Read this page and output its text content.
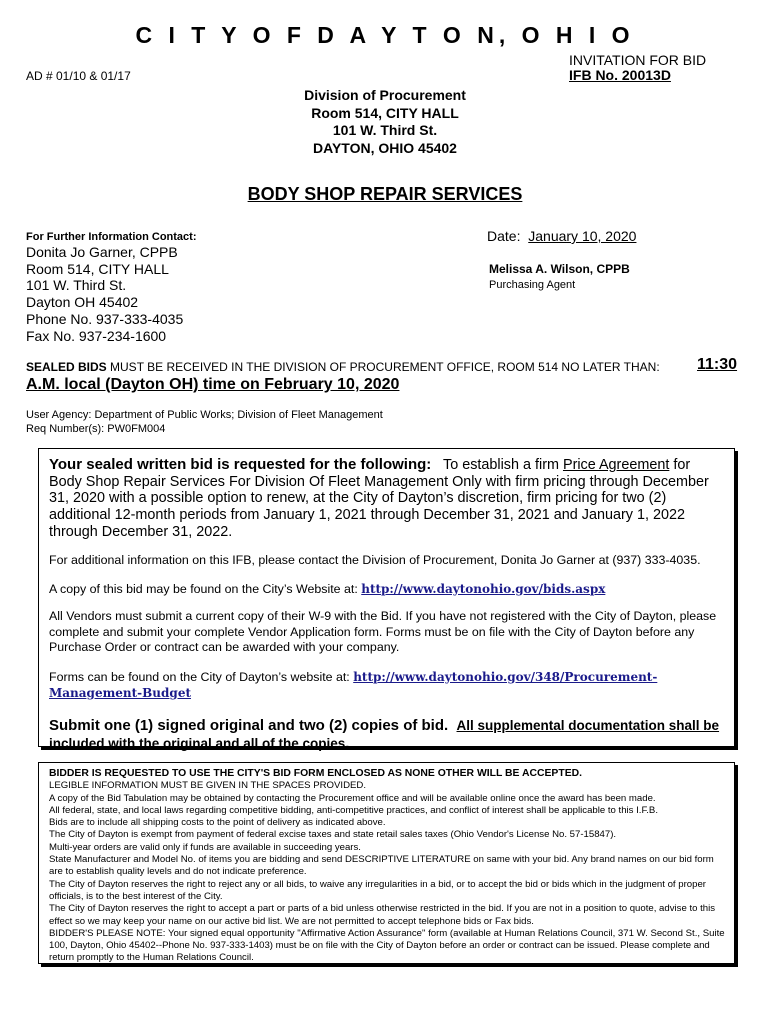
C I T Y O F D A Y T O N, O H I O
INVITATION FOR BID
IFB No. 20013D
AD # 01/10 & 01/17
Division of Procurement
Room 514, CITY HALL
101 W. Third St.
DAYTON, OHIO 45402
BODY SHOP REPAIR SERVICES
For Further Information Contact:
Donita Jo Garner, CPPB
Room 514, CITY HALL
101 W. Third St.
Dayton OH 45402
Phone No. 937-333-4035
Fax No. 937-234-1600
Date:  January 10, 2020
Melissa A. Wilson, CPPB
Purchasing Agent
SEALED BIDS MUST BE RECEIVED IN THE DIVISION OF PROCUREMENT OFFICE, ROOM 514 NO LATER THAN: 11:30
A.M. local (Dayton OH) time on February 10, 2020
User Agency: Department of Public Works; Division of Fleet Management
Req Number(s): PW0FM004
Your sealed written bid is requested for the following:   To establish a firm Price Agreement for Body Shop Repair Services For Division Of Fleet Management Only with firm pricing through December 31, 2020 with a possible option to renew, at the City of Dayton’s discretion, firm pricing for two (2) additional 12-month periods from January 1, 2021 through December 31, 2021 and January 1, 2022 through December 31, 2022.
For additional information on this IFB, please contact the Division of Procurement, Donita Jo Garner at (937) 333-4035.
A copy of this bid may be found on the City’s Website at: http://www.daytonohio.gov/bids.aspx
All Vendors must submit a current copy of their W-9 with the Bid. If you have not registered with the City of Dayton, please complete and submit your complete Vendor Application form. Forms must be on file with the City of Dayton before any Purchase Order or contract can be awarded with your company.
Forms can be found on the City of Dayton’s website at: http://www.daytonohio.gov/348/Procurement-Management-Budget
Submit one (1) signed original and two (2) copies of bid.  All supplemental documentation shall be included with the original and all of the copies.
BIDDER IS REQUESTED TO USE THE CITY'S BID FORM ENCLOSED AS NONE OTHER WILL BE ACCEPTED.
LEGIBLE INFORMATION MUST BE GIVEN IN THE SPACES PROVIDED.
A copy of the Bid Tabulation may be obtained by contacting the Procurement office and will be available online once the award has been made.
All federal, state, and local laws regarding competitive bidding, anti-competitive practices, and conflict of interest shall be applicable to this I.F.B.
Bids are to include all shipping costs to the point of delivery as indicated above.
The City of Dayton is exempt from payment of federal excise taxes and state retail sales taxes (Ohio Vendor's License No. 57-15847).
Multi-year orders are valid only if funds are available in succeeding years.
State Manufacturer and Model No. of items you are bidding and send DESCRIPTIVE LITERATURE on same with your bid. Any brand names on our bid form are to establish quality levels and do not indicate preference.
The City of Dayton reserves the right to reject any or all bids, to waive any irregularities in a bid, or to accept the bid or bids which in the judgment of proper officials, is to the best interest of the City.
The City of Dayton reserves the right to accept a part or parts of a bid unless otherwise restricted in the bid. If you are not in a position to quote, advise to this effect so we may keep your name on our active bid list. We are not permitted to accept telephone bids or Fax bids.
BIDDER'S PLEASE NOTE: Your signed equal opportunity "Affirmative Action Assurance" form (available at Human Relations Council, 371 W. Second St., Suite 100, Dayton, Ohio 45402--Phone No. 937-333-1403) must be on file with the City of Dayton before an order or contract can be issued. Please complete and return promptly to the Human Relations Council.
